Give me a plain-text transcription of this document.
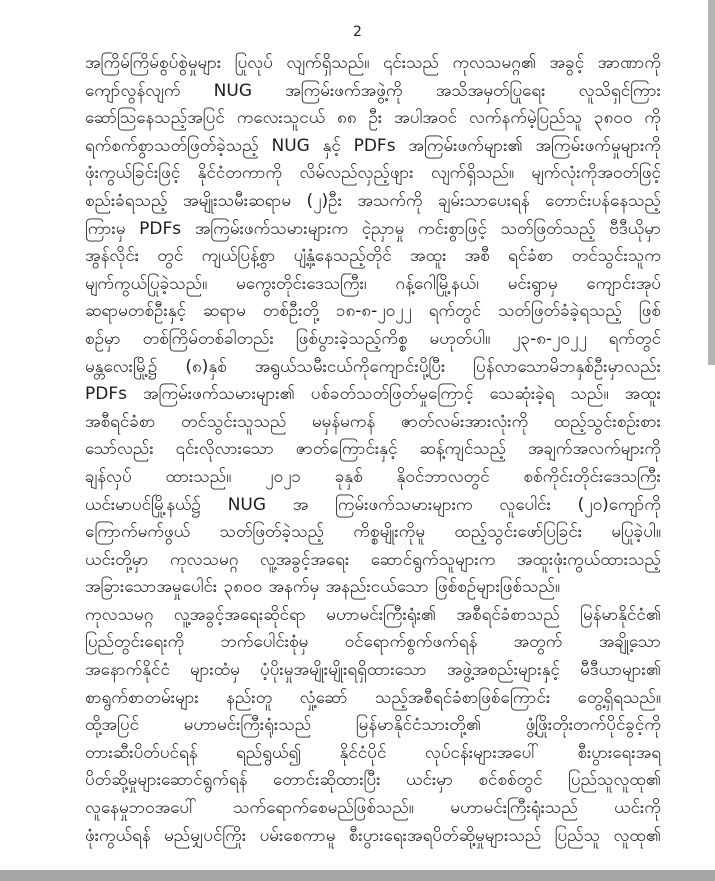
2
အကြိမ်ကြိမ်စွပ်စွဲမှုများ ပြုလုပ် လျက်ရှိသည်။ ၎င်းသည် ကုလသမဂ္ဂ၏ အခွင့် အာဏာကို
ကျော်လွန်လျက် NUG အကြမ်းဖက်အဖွဲ့ကို အသိအမှတ်ပြုရေး လူသိရှင်ကြား
ဆော်ဩနေသည့်အပြင် ကလေးသူငယ် ၈၈ ဦး အပါအဝင် လက်နက်မဲ့ပြည်သူ ၃၈၀၀ ကို
ရက်စက်စွာသတ်ဖြတ်ခဲ့သည့် NUG နှင့် PDFs အကြမ်းဖက်များ၏ အကြမ်းဖက်မှုများကို
ဖုံးကွယ်ခြင်းဖြင့် နိုင်ငံတကာကို လိမ်လည်လှည့်ဖျား လျက်ရှိသည်။ မျက်လုံးကိုအဝတ်ဖြင့်
စည်းခံရသည့် အမျိုးသမီးဆရာမ (၂)ဦး အသက်ကို ချမ်းသာပေးရန် တောင်းပန်နေသည့်
ကြားမှ PDFs အကြမ်းဖက်သမားများက ငဲ့ညှာမှု ကင်းစွာဖြင့် သတ်ဖြတ်သည့် ဗီဒီယိုမှာ
အွန်လိုင်း တွင် ကျယ်ပြန့်စွာ ပျံ့နှံ့နေသည့်တိုင် အထူး အစီ ရင်ခံစာ တင်သွင်းသူက
မျက်ကွယ်ပြုခဲ့သည်။ မကွေးတိုင်းဒေသကြီး၊ ဂန့်ဂေါမြို့နယ်၊ မင်းရွာမှ ကျောင်းအုပ်
ဆရာမတစ်ဦးနှင့် ဆရာမ တစ်ဦးတို့ ၁၈-၈-၂၀၂၂ ရက်တွင် သတ်ဖြတ်ခံခဲ့ရသည့် ဖြစ်
စဉ်မှာ တစ်ကြိမ်တစ်ခါတည်း ဖြစ်ပွားခဲ့သည့်ကိစ္စ မဟုတ်ပါ။ ၂၃-၈-၂၀၂၂ ရက်တွင်
မန္တလေးမြို့၌ (၈)နှစ် အရွယ်သမီးငယ်ကိုကျောင်းပို့ပြီး ပြန်လာသောမိဘနှစ်ဦးမှာလည်း
PDFs အကြမ်းဖက်သမားများ၏ ပစ်ခတ်သတ်ဖြတ်မှုကြောင့် သေဆုံးခဲ့ရ သည်။ အထူး
အစီရင်ခံစာ တင်သွင်းသူသည် မမှန်မကန် ဇာတ်လမ်းအားလုံးကို ထည့်သွင်းစဉ်းစား
သော်လည်း ၎င်းလိုလားသော ဇာတ်ကြောင်းနှင့် ဆန့်ကျင်သည့် အချက်အလက်များကို
ချန်လှပ် ထားသည်။ ၂၀၂၁ ခုနှစ် နိုဝင်ဘာလတွင် စစ်ကိုင်းတိုင်းဒေသကြီး
ယင်းမာပင်မြို့နယ်၌ NUG အ ကြမ်းဖက်သမားများက လူပေါင်း (၂၀)ကျော်ကို
ကြောက်မက်ဖွယ် သတ်ဖြတ်ခဲ့သည့် ကိစ္စမျိုးကိုမူ ထည့်သွင်းဖော်ပြခြင်း မပြုခဲ့ပါ။
ယင်းတို့မှာ ကုလသမဂ္ဂ လူ့အခွင့်အရေး ဆောင်ရွက်သူများက အထူးဖုံးကွယ်ထားသည့်
အခြားသောအမှုပေါင်း ၃၈၀၀ အနက်မှ အနည်းငယ်သော ဖြစ်စဉ်များဖြစ်သည်။
ကုလသမဂ္ဂ လူ့အခွင့်အရေးဆိုင်ရာ မဟာမင်းကြီးရုံး၏ အစီရင်ခံစာသည် မြန်မာနိုင်ငံ၏
ပြည်တွင်းရေးကို ဘက်ပေါင်းစုံမှ ဝင်ရောက်စွက်ဖက်ရန် အတွက် အချို့သော
အနောက်နိုင်ငံ များထံမှ ပံ့ပိုးမှုအမျိုးမျိုးရရှိထားသော အဖွဲ့အစည်းများနှင့် မီဒီယာများ၏
စာရွက်စာတမ်းများ နည်းတူ လှုံ့ဆော် သည့်အစီရင်ခံစာဖြစ်ကြောင်း တွေ့ရှိရသည်။
ထို့အပြင် မဟာမင်းကြီးရုံးသည် မြန်မာနိုင်ငံသားတို့၏ ဖွံ့ဖြိုးတိုးတက်ပိုင်ခွင့်ကို
တားဆီးပိတ်ပင်ရန် ရည်ရွယ်၍ နိုင်ငံပိုင် လုပ်ငန်းများအပေါ် စီးပွားရေးအရ
ပိတ်ဆို့မှုများဆောင်ရွက်ရန် တောင်းဆိုထားပြီး ယင်းမှာ စင်စစ်တွင် ပြည်သူလူထု၏
လူနေမှုဘဝအပေါ် သက်ရောက်စေမည်ဖြစ်သည်။ မဟာမင်းကြီးရုံးသည် ယင်းကို
ဖုံးကွယ်ရန် မည်မျှပင်ကြိုး ပမ်းစေကာမူ စီးပွားရေးအရပိတ်ဆို့မှုများသည် ပြည်သူ လူထု၏
